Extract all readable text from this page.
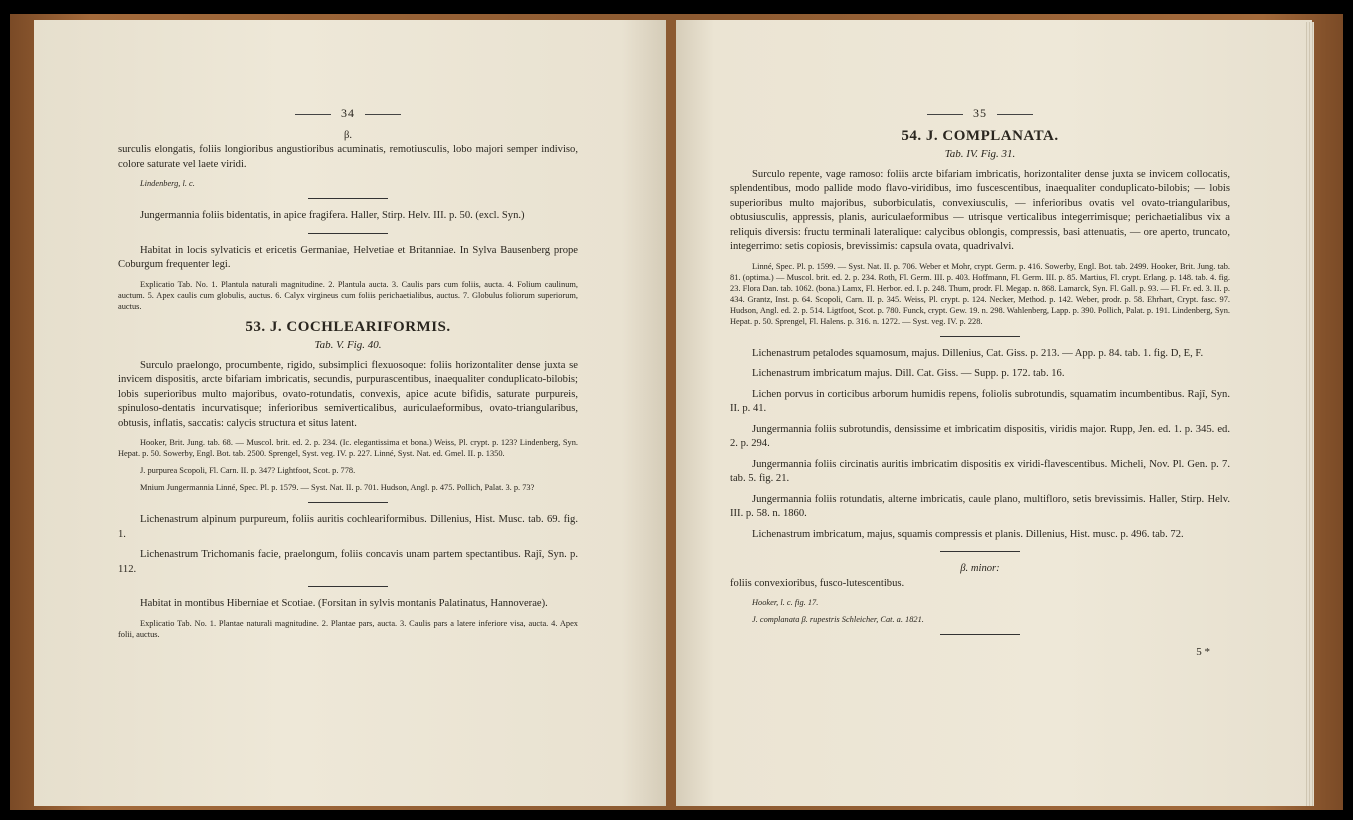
34
β.

surculis elongatis, foliis longioribus angustioribus acuminatis, remotiusculis, lobo majori semper indiviso, colore saturate vel laete viridi.

Lindenberg, l. c.

Jungermannia foliis bidentatis, in apice fragifera. Haller, Stirp. Helv. III. p. 50. (excl. Syn.)

Habitat in locis sylvaticis et ericetis Germaniae, Helvetiae et Britanniae. In Sylva Bausenberg prope Coburgum frequenter legi.

Explicatio Tab. No. 1. Plantula naturali magnitudine. 2. Plantula aucta. 3. Caulis pars cum foliis, aucta. 4. Folium caulinum, auctum. 5. Apex caulis cum globulis, auctus. 6. Calyx virgineus cum foliis perichaetialibus, auctus. 7. Globulus foliorum superiorum, auctus.

53. J. COCHLEARIFORMIS.
Tab. V. Fig. 40.

Surculo praelongo, procumbente, rigido, subsimplici flexuosoque: foliis horizontaliter dense juxta se invicem dispositis, arcte bifariam imbricatis, secundis, purpurascentibus, inaequaliter conduplicato-bilobis; lobis superioribus multo majoribus, ovato-rotundatis, convexis, apice acute bifidis, saturate purpureis, spinuloso-dentatis incurvatisque; inferioribus semiverticalibus, auriculaeformibus, ovato-triangularibus, obtusis, inflatis, saccatis: calycis structura et situs latent.

Hooker, Brit. Jung. tab. 68. — Muscol. brit. ed. 2. p. 234. (Ic. elegantissima et bona.) Weiss, Pl. crypt. p. 123? Lindenberg, Syn. Hepat. p. 50. Sowerby, Engl. Bot. tab. 2500. Sprengel, Syst. veg. IV. p. 227. Linné, Syst. Nat. ed. Gmel. II. p. 1350.

J. purpurea Scopoli, Fl. Carn. II. p. 347? Lightfoot, Scot. p. 778.

Mnium Jungermannia Linné, Spec. Pl. p. 1579. — Syst. Nat. II. p. 701. Hudson, Angl. p. 475. Pollich, Palat. 3. p. 73?

Lichenastrum alpinum purpureum, foliis auritis cochleariformibus. Dillenius, Hist. Musc. tab. 69. fig. 1.

Lichenastrum Trichomanis facie, praelongum, foliis concavis unam partem spectantibus. Rajî, Syn. p. 112.

Habitat in montibus Hiberniae et Scotiae. (Forsitan in sylvis montanis Palatinatus, Hannoverae).

Explicatio Tab. No. 1. Plantae naturali magnitudine. 2. Plantae pars, aucta. 3. Caulis pars a latere inferiore visa, aucta. 4. Apex folii, auctus.

35
54. J. COMPLANATA.
Tab. IV. Fig. 31.

Surculo repente, vage ramoso: foliis arcte bifariam imbricatis, horizontaliter dense juxta se invicem collocatis, splendentibus, modo pallide modo flavo-viridibus, imo fuscescentibus, inaequaliter conduplicato-bilobis; — lobis superioribus multo majoribus, suborbiculatis, convexiusculis, — inferioribus ovatis vel ovato-triangularibus, obtusiusculis, appressis, planis, auriculaeformibus — utrisque verticalibus integerrimisque; perichaetialibus vix a reliquis diversis: fructu terminali lateralique: calycibus oblongis, compressis, basi attenuatis, — ore aperto, truncato, integerrimo: setis copiosis, brevissimis: capsula ovata, quadrivalvi.

Linné, Spec. Pl. p. 1599. — Syst. Nat. II. p. 706. Weber et Mohr, crypt. Germ. p. 416. Sowerby, Engl. Bot. tab. 2499. Hooker, Brit. Jung. tab. 81. (optima.) — Muscol. brit. ed. 2. p. 234. Roth, Fl. Germ. III. p. 403. Hoffmann, Fl. Germ. III. p. 85. Martius, Fl. crypt. Erlang. p. 148. tab. 4. fig. 23. Flora Dan. tab. 1062. (bona.) Lamx, Fl. Herbor. ed. I. p. 248. Thum, prodr. Fl. Megap. n. 868. Lamarck, Syn. Fl. Gall. p. 93. — Fl. Fr. ed. 3. II. p. 434. Grantz, Inst. p. 64. Scopoli, Carn. II. p. 345. Weiss, Pl. crypt. p. 124. Necker, Method. p. 142. Weber, prodr. p. 58. Ehrhart, Crypt. fasc. 97. Hudson, Angl. ed. 2. p. 514. Ligtfoot, Scot. p. 780. Funck, crypt. Gew. 19. n. 298. Wahlenberg, Lapp. p. 390. Pollich, Palat. p. 191. Lindenberg, Syn. Hepat. p. 50. Sprengel, Fl. Halens. p. 316. n. 1272. — Syst. veg. IV. p. 228.

Lichenastrum petalodes squamosum, majus. Dillenius, Cat. Giss. p. 213. — App. p. 84. tab. 1. fig. D, E, F.

Lichenastrum imbricatum majus. Dill. Cat. Giss. — Supp. p. 172. tab. 16.

Lichen porvus in corticibus arborum humidis repens, foliolis subrotundis, squamatim incumbentibus. Rajî, Syn. II. p. 41.

Jungermannia foliis subrotundis, densissime et imbricatim dispositis, viridis major. Rupp, Jen. ed. 1. p. 345. ed. 2. p. 294.

Jungermannia foliis circinatis auritis imbricatim dispositis ex viridi-flavescentibus. Micheli, Nov. Pl. Gen. p. 7. tab. 5. fig. 21.

Jungermannia foliis rotundatis, alterne imbricatis, caule plano, multifloro, setis brevissimis. Haller, Stirp. Helv. III. p. 58. n. 1860.

Lichenastrum imbricatum, majus, squamis compressis et planis. Dillenius, Hist. musc. p. 496. tab. 72.

β. minor:

foliis convexioribus, fusco-lutescentibus.

Hooker, l. c. fig. 17.

J. complanata β. rupestris Schleicher, Cat. a. 1821.

5 *
